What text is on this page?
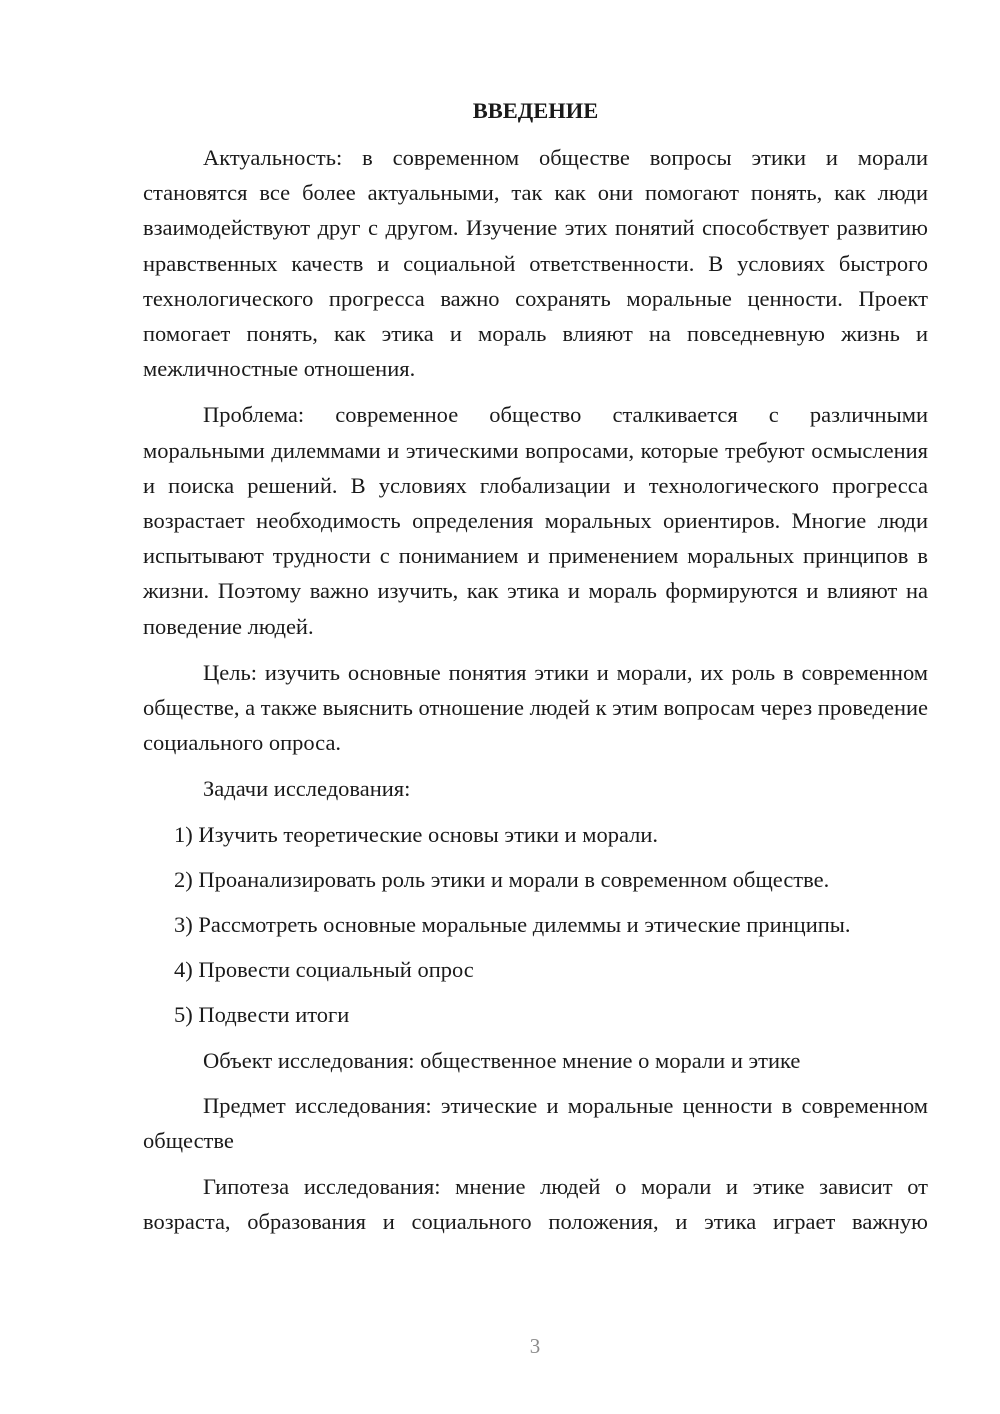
ВВЕДЕНИЕ

Актуальность: в современном обществе вопросы этики и морали становятся все более актуальными, так как они помогают понять, как люди взаимодействуют друг с другом. Изучение этих понятий способствует развитию нравственных качеств и социальной ответственности. В условиях быстрого технологического прогресса важно сохранять моральные ценности. Проект помогает понять, как этика и мораль влияют на повседневную жизнь и межличностные отношения.

Проблема: современное общество сталкивается с различными моральными дилеммами и этическими вопросами, которые требуют осмысления и поиска решений. В условиях глобализации и технологического прогресса возрастает необходимость определения моральных ориентиров. Многие люди испытывают трудности с пониманием и применением моральных принципов в жизни. Поэтому важно изучить, как этика и мораль формируются и влияют на поведение людей.

Цель: изучить основные понятия этики и морали, их роль в современном обществе, а также выяснить отношение людей к этим вопросам через проведение социального опроса.

Задачи исследования:
1) Изучить теоретические основы этики и морали.
2) Проанализировать роль этики и морали в современном обществе.
3) Рассмотреть основные моральные дилеммы и этические принципы.
4) Провести социальный опрос
5) Подвести итоги
Объект исследования: общественное мнение о морали и этике

Предмет исследования: этические и моральные ценности в современном обществе

Гипотеза исследования: мнение людей о морали и этике зависит от возраста, образования и социального положения, и этика играет важную

3
